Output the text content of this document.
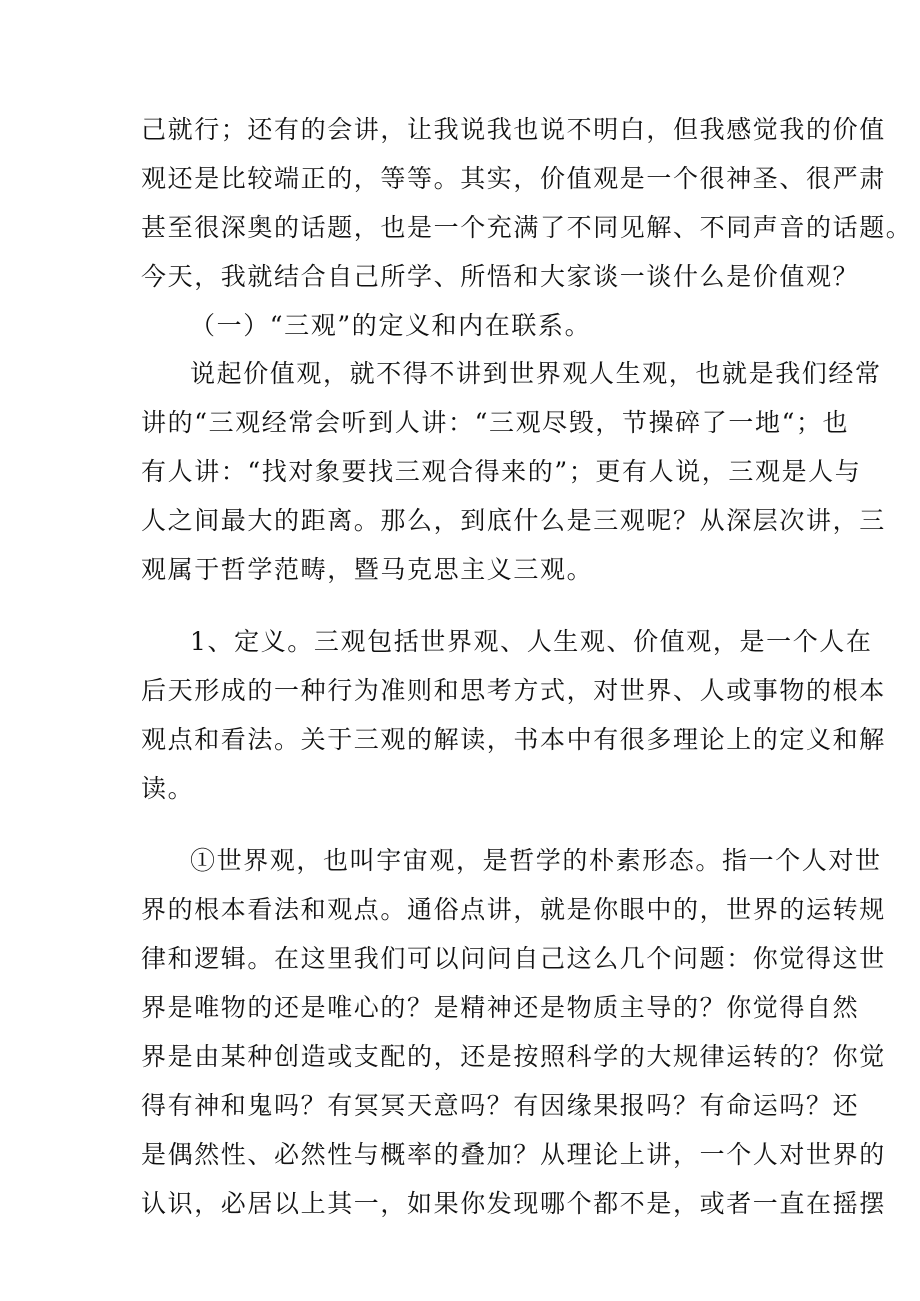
己就行；还有的会讲，让我说我也说不明白，但我感觉我的价值

观还是比较端正的，等等。其实，价值观是一个很神圣、很严肃

甚至很深奥的话题，也是一个充满了不同见解、不同声音的话题。

今天，我就结合自己所学、所悟和大家谈一谈什么是价值观？

（一）“三观”的定义和内在联系。

说起价值观，就不得不讲到世界观人生观，也就是我们经常

讲的“三观经常会听到人讲：“三观尽毁，节操碎了一地“；也

有人讲：“找对象要找三观合得来的”；更有人说，三观是人与

人之间最大的距离。那么，到底什么是三观呢？从深层次讲，三

观属于哲学范畴，暨马克思主义三观。

1、定义。三观包括世界观、人生观、价值观，是一个人在

后天形成的一种行为准则和思考方式，对世界、人或事物的根本

观点和看法。关于三观的解读，书本中有很多理论上的定义和解

读。

①世界观，也叫宇宙观，是哲学的朴素形态。指一个人对世

界的根本看法和观点。通俗点讲，就是你眼中的，世界的运转规

律和逻辑。在这里我们可以问问自己这么几个问题：你觉得这世

界是唯物的还是唯心的？是精神还是物质主导的？你觉得自然

界是由某种创造或支配的，还是按照科学的大规律运转的？你觉

得有神和鬼吗？有冥冥天意吗？有因缘果报吗？有命运吗？还

是偶然性、必然性与概率的叠加？从理论上讲，一个人对世界的

认识，必居以上其一，如果你发现哪个都不是，或者一直在摇摆
